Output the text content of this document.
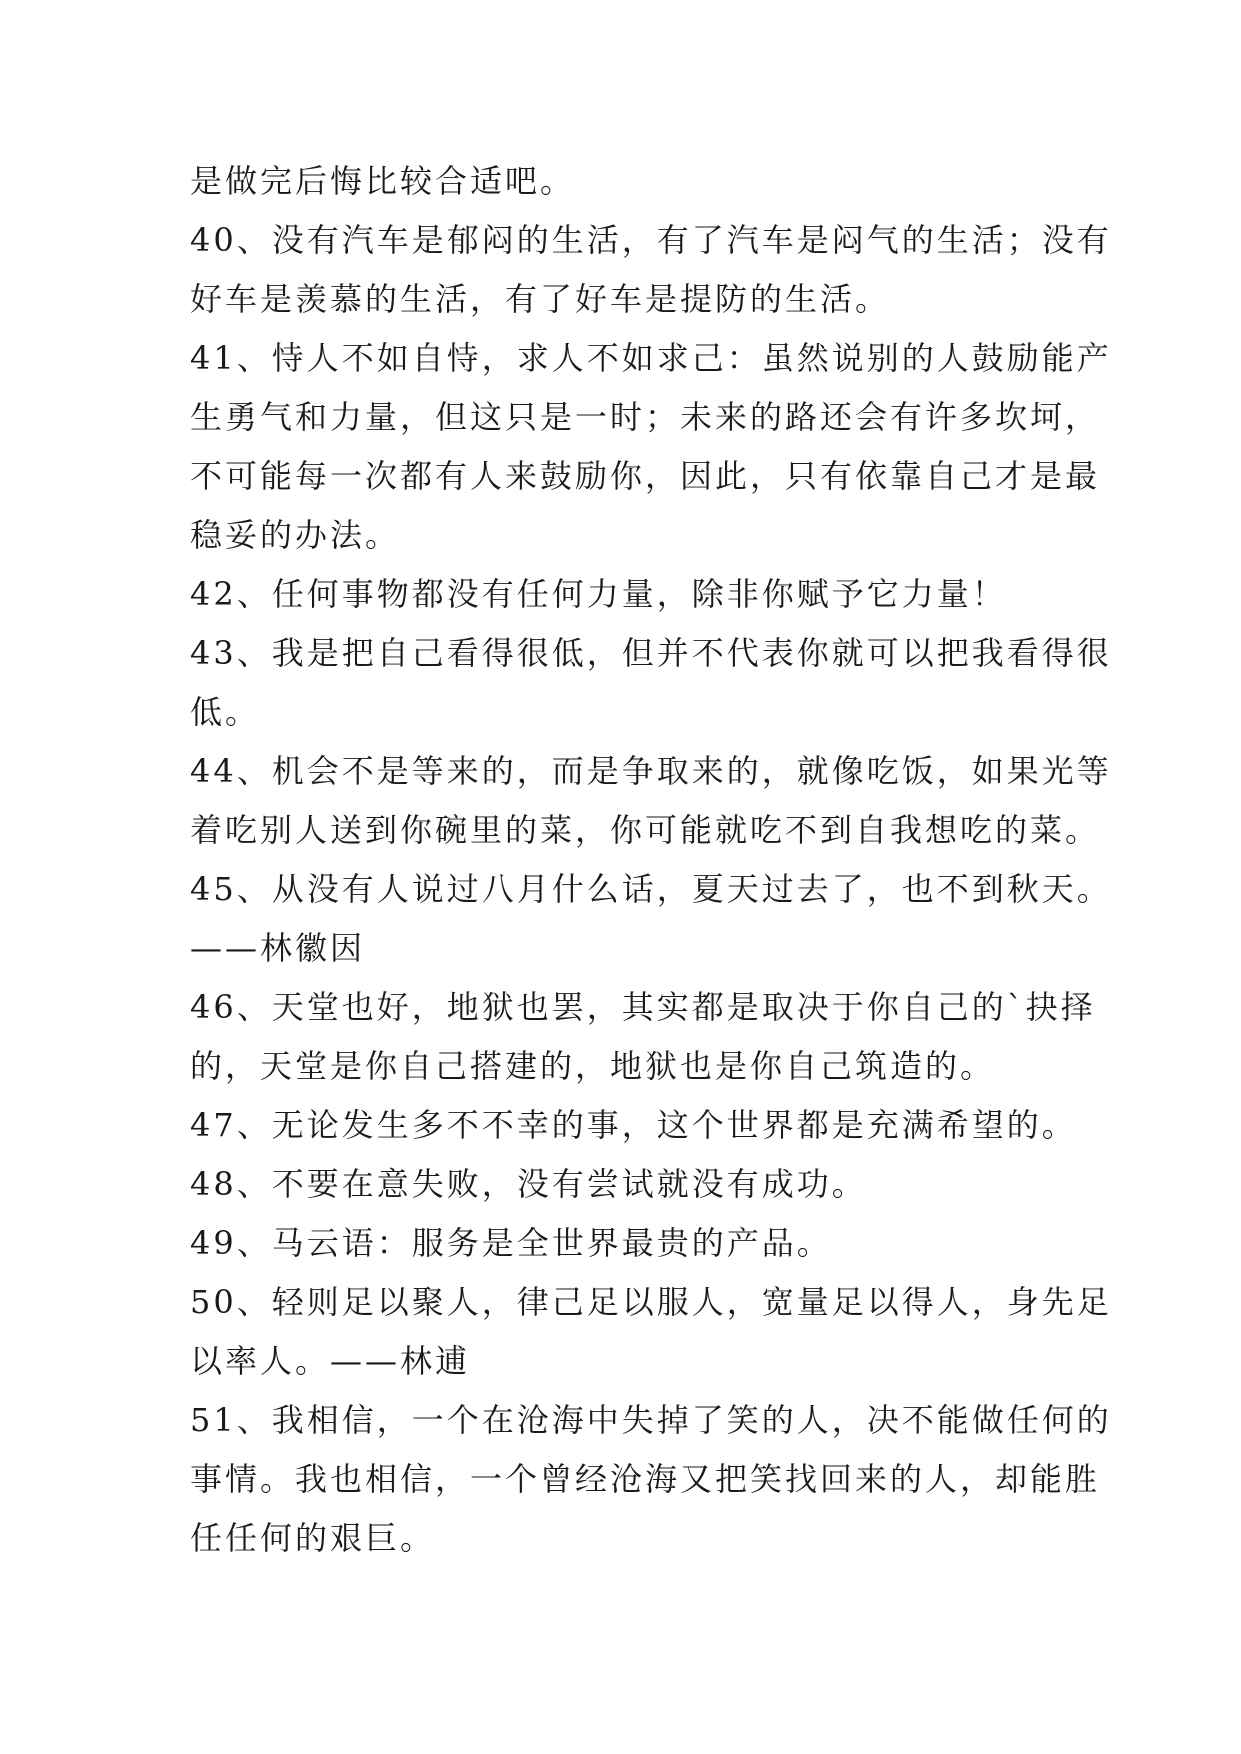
是做完后悔比较合适吧。
40、没有汽车是郁闷的生活，有了汽车是闷气的生活；没有
好车是羡慕的生活，有了好车是提防的生活。
41、恃人不如自恃，求人不如求己：虽然说别的人鼓励能产
生勇气和力量，但这只是一时；未来的路还会有许多坎坷，
不可能每一次都有人来鼓励你，因此，只有依靠自己才是最
稳妥的办法。
42、任何事物都没有任何力量，除非你赋予它力量！
43、我是把自己看得很低，但并不代表你就可以把我看得很
低。
44、机会不是等来的，而是争取来的，就像吃饭，如果光等
着吃别人送到你碗里的菜，你可能就吃不到自我想吃的菜。
45、从没有人说过八月什么话，夏天过去了，也不到秋天。
——林徽因
46、天堂也好，地狱也罢，其实都是取决于你自己的`抉择
的，天堂是你自己搭建的，地狱也是你自己筑造的。
47、无论发生多不不幸的事，这个世界都是充满希望的。
48、不要在意失败，没有尝试就没有成功。
49、马云语：服务是全世界最贵的产品。
50、轻则足以聚人，律己足以服人，宽量足以得人，身先足
以率人。——林逋
51、我相信，一个在沧海中失掉了笑的人，决不能做任何的
事情。我也相信，一个曾经沧海又把笑找回来的人，却能胜
任任何的艰巨。
